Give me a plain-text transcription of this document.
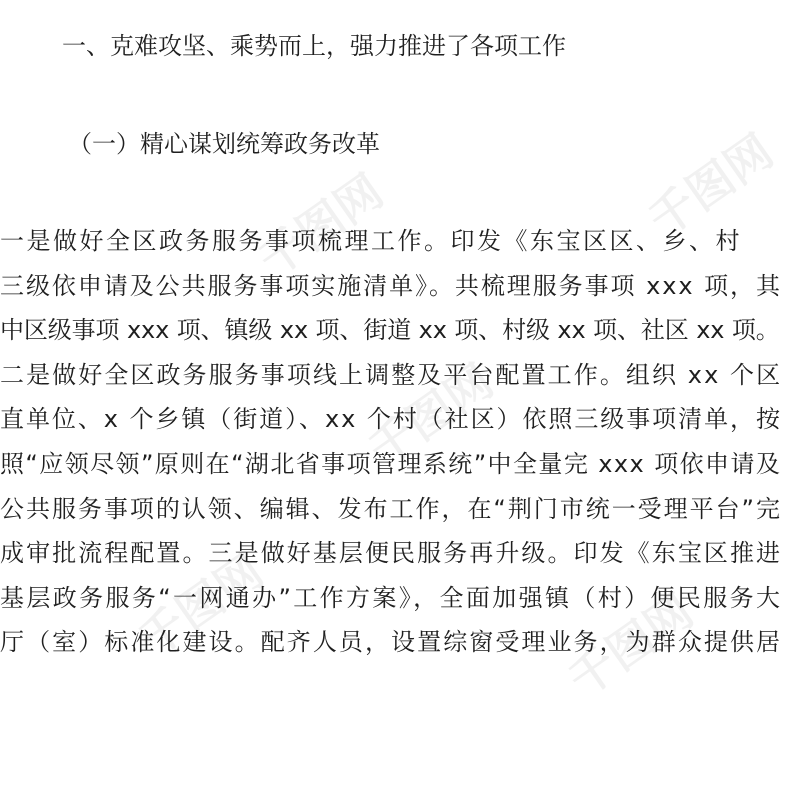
千图网	千图网
千图网
千图网	千图网
一、克难攻坚、乘势而上，强力推进了各项工作
（一）精心谋划统筹政务改革

一是做好全区政务服务事项梳理工作。印发《东宝区区、乡、村

三级依申请及公共服务事项实施清单》。共梳理服务事项 xxx 项，其

中区级事项 xxx 项、镇级 xx 项、街道 xx 项、村级 xx 项、社区 xx 项。

二是做好全区政务服务事项线上调整及平台配置工作。组织 xx 个区

直单位、x 个乡镇（街道）、xx 个村（社区）依照三级事项清单，按

照“应领尽领”原则在“湖北省事项管理系统”中全量完 xxx 项依申请及

公共服务事项的认领、编辑、发布工作，在“荆门市统一受理平台”完

成审批流程配置。三是做好基层便民服务再升级。印发《东宝区推进

基层政务服务“一网通办”工作方案》，全面加强镇（村）便民服务大

厅（室）标准化建设。配齐人员，设置综窗受理业务，为群众提供居
